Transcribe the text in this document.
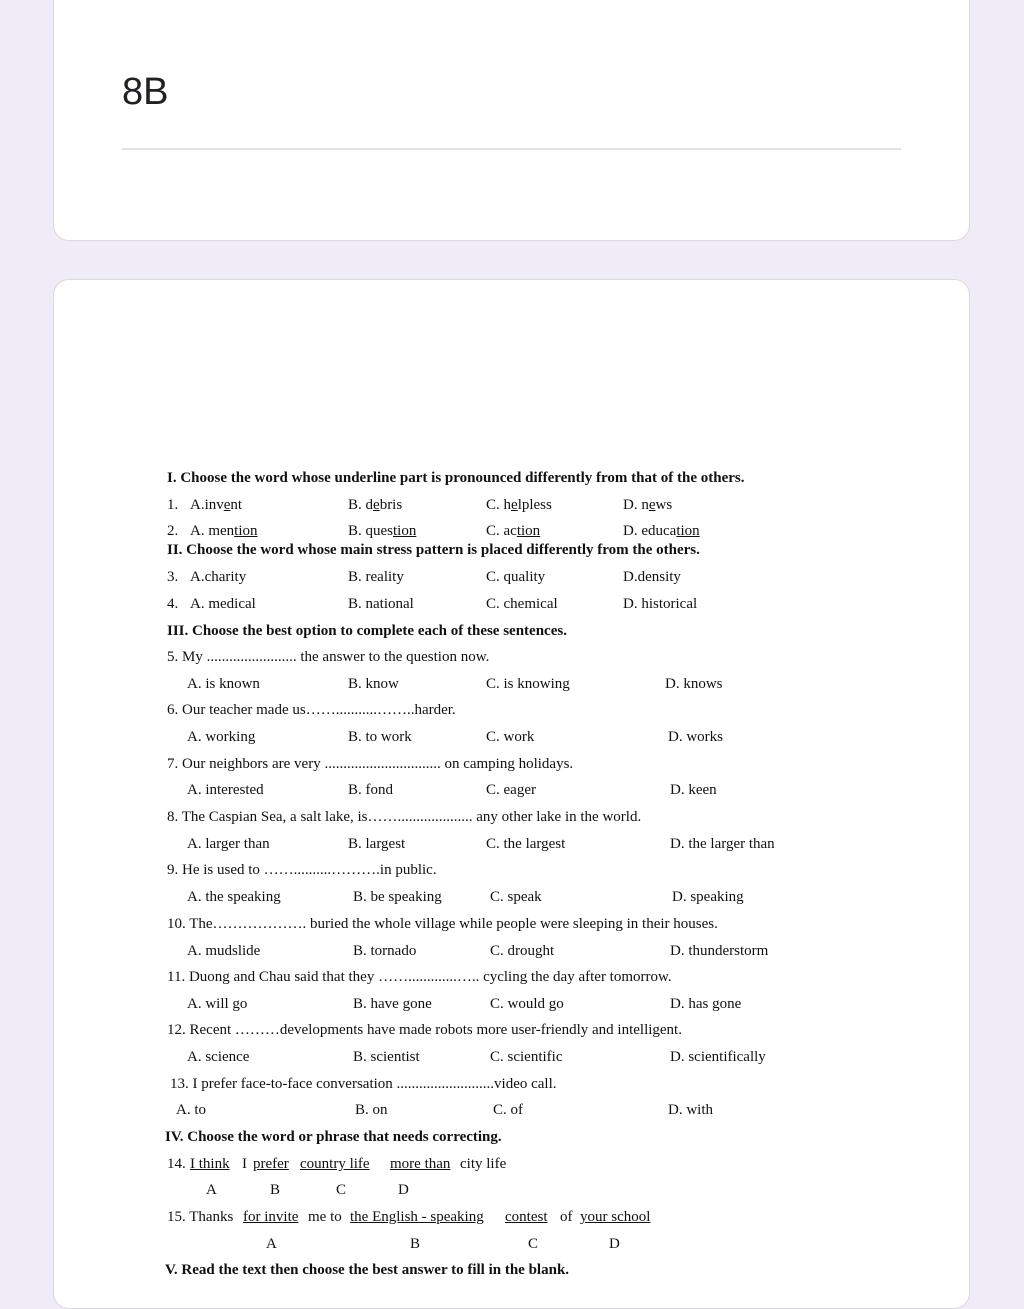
8B
I. Choose the word whose underline part is pronounced differently from that of the others.
1. A.invent	B. debris	C. helpless	D. news
2. A. mention	B. question	C. action	D. education
II. Choose the word whose main stress pattern is placed differently from the others.
3. A.charity	B. reality	C. quality	D.density
4. A. medical	B. national	C. chemical	D. historical
III. Choose the best option to complete each of these sentences.
5. My ........................ the answer to the question now.
A. is known	B. know	C. is knowing	D. knows
6. Our teacher made us……...........……..harder.
A. working	B. to work	C. work	D. works
7. Our neighbors are very ............................... on camping holidays.
A. interested	B. fond	C. eager	D. keen
8. The Caspian Sea, a salt lake, is…….................... any other lake in the world.
A. larger than	B. largest	C. the largest	D. the larger than
9. He is used to ……..........……….in public.
A. the speaking	B. be speaking	C. speak	D. speaking
10. The………………. buried the whole village while people were sleeping in their houses.
A. mudslide	B. tornado	C. drought	D. thunderstorm
11. Duong and Chau said that they …….............….. cycling the day after tomorrow.
A. will go	B. have gone	C. would go	D. has gone
12. Recent ………developments have made robots more user-friendly and intelligent.
A. science	B. scientist	C. scientific	D. scientifically
13. I prefer face-to-face conversation ..........................video call.
A. to	B. on	C. of	D. with
IV. Choose the word or phrase that needs correcting.
14. I think I prefer country life more than city life
A	B	C	D
15. Thanks for invite me to the English - speaking contest of your school
A	B	C	D
V. Read the text then choose the best answer to fill in the blank.
